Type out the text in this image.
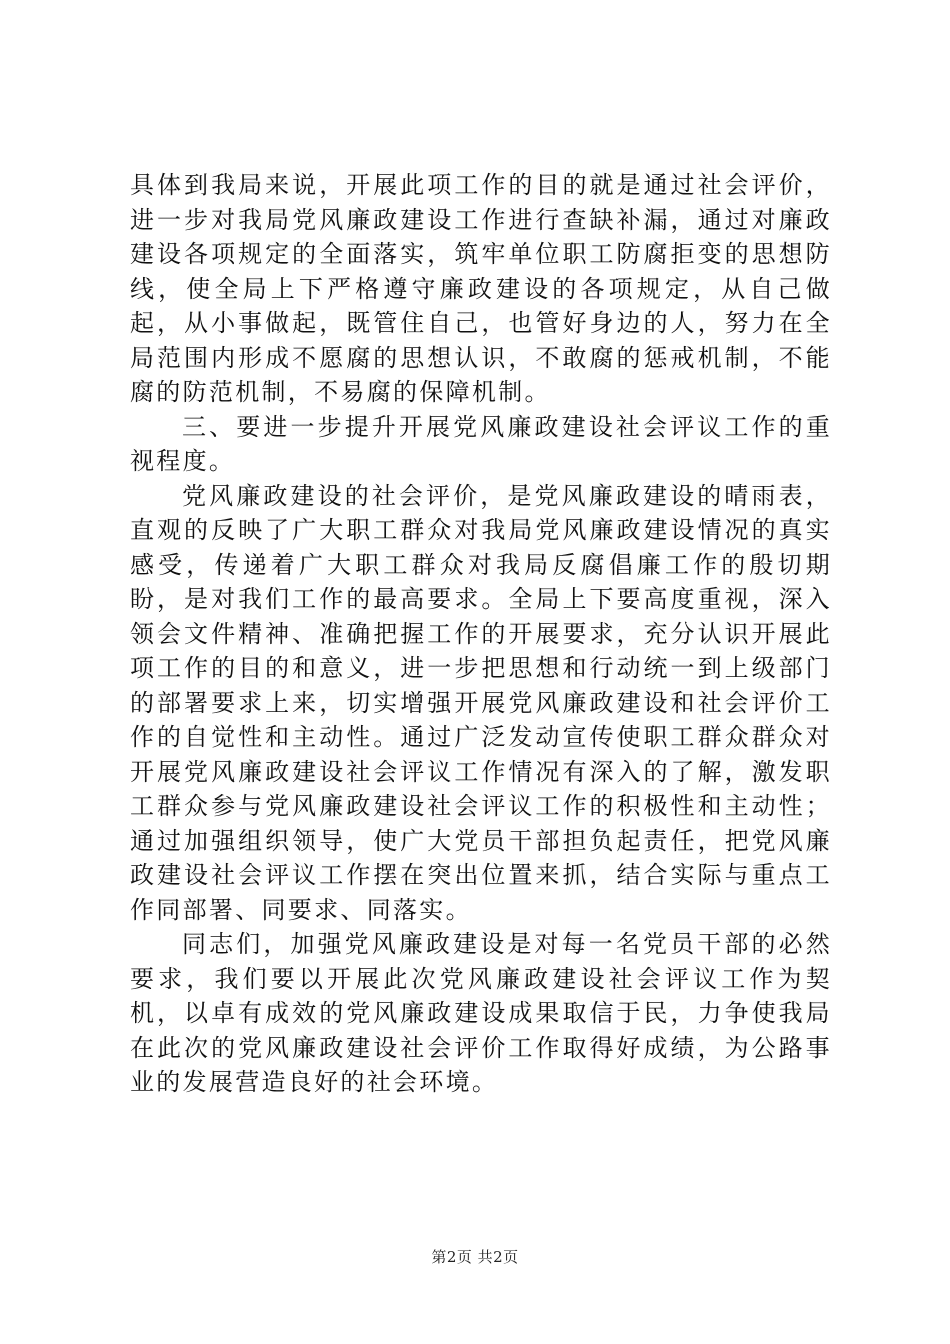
具体到我局来说，开展此项工作的目的就是通过社会评价，进一步对我局党风廉政建设工作进行查缺补漏，通过对廉政建设各项规定的全面落实，筑牢单位职工防腐拒变的思想防线，使全局上下严格遵守廉政建设的各项规定，从自己做起，从小事做起，既管住自己，也管好身边的人，努力在全局范围内形成不愿腐的思想认识，不敢腐的惩戒机制，不能腐的防范机制，不易腐的保障机制。

三、要进一步提升开展党风廉政建设社会评议工作的重视程度。

党风廉政建设的社会评价，是党风廉政建设的晴雨表，直观的反映了广大职工群众对我局党风廉政建设情况的真实感受，传递着广大职工群众对我局反腐倡廉工作的殷切期盼，是对我们工作的最高要求。全局上下要高度重视，深入领会文件精神、准确把握工作的开展要求，充分认识开展此项工作的目的和意义，进一步把思想和行动统一到上级部门的部署要求上来，切实增强开展党风廉政建设和社会评价工作的自觉性和主动性。通过广泛发动宣传使职工群众群众对开展党风廉政建设社会评议工作情况有深入的了解，激发职工群众参与党风廉政建设社会评议工作的积极性和主动性；通过加强组织领导，使广大党员干部担负起责任，把党风廉政建设社会评议工作摆在突出位置来抓，结合实际与重点工作同部署、同要求、同落实。

同志们，加强党风廉政建设是对每一名党员干部的必然要求，我们要以开展此次党风廉政建设社会评议工作为契机，以卓有成效的党风廉政建设成果取信于民，力争使我局在此次的党风廉政建设社会评价工作取得好成绩，为公路事业的发展营造良好的社会环境。

第2页 共2页
